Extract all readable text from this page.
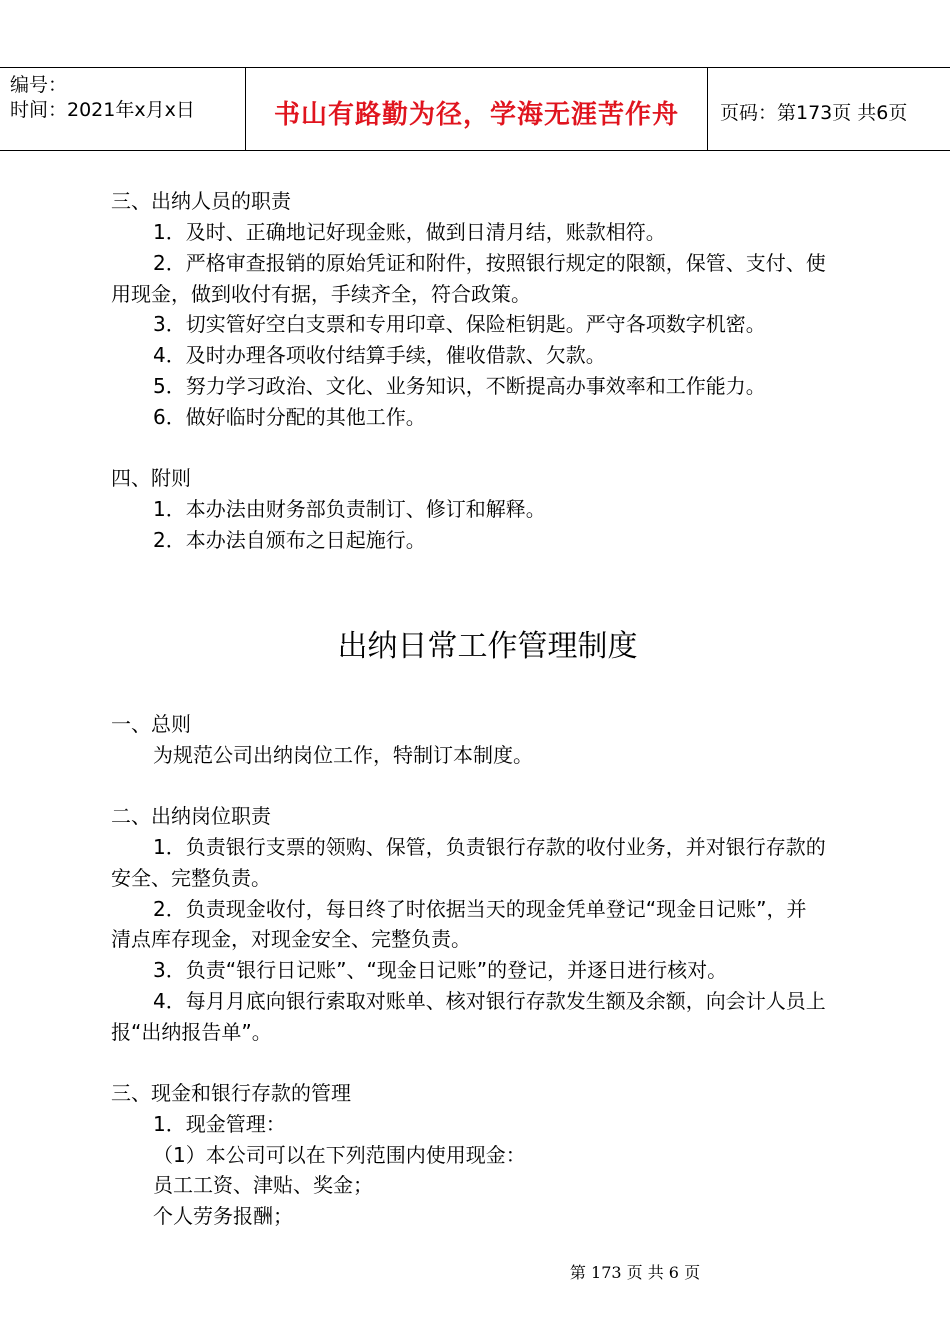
编号：
时间：2021年x月x日	书山有路勤为径，学海无涯苦作舟	页码：第173页 共6页
三、出纳人员的职责
1．及时、正确地记好现金账，做到日清月结，账款相符。
2．严格审查报销的原始凭证和附件，按照银行规定的限额，保管、支付、使
用现金，做到收付有据，手续齐全，符合政策。
3．切实管好空白支票和专用印章、保险柜钥匙。严守各项数字机密。
4．及时办理各项收付结算手续，催收借款、欠款。
5．努力学习政治、文化、业务知识，不断提高办事效率和工作能力。
6．做好临时分配的其他工作。
四、附则
1．本办法由财务部负责制订、修订和解释。
2．本办法自颁布之日起施行。
出纳日常工作管理制度
一、总则
为规范公司出纳岗位工作，特制订本制度。
二、出纳岗位职责
1．负责银行支票的领购、保管，负责银行存款的收付业务，并对银行存款的
安全、完整负责。
2．负责现金收付，每日终了时依据当天的现金凭单登记“现金日记账”，并
清点库存现金，对现金安全、完整负责。
3．负责“银行日记账”、“现金日记账”的登记，并逐日进行核对。
4．每月月底向银行索取对账单、核对银行存款发生额及余额，向会计人员上
报“出纳报告单”。
三、现金和银行存款的管理
1．现金管理：
（1）本公司可以在下列范围内使用现金：
员工工资、津贴、奖金；
个人劳务报酬；
第 173 页 共 6 页
